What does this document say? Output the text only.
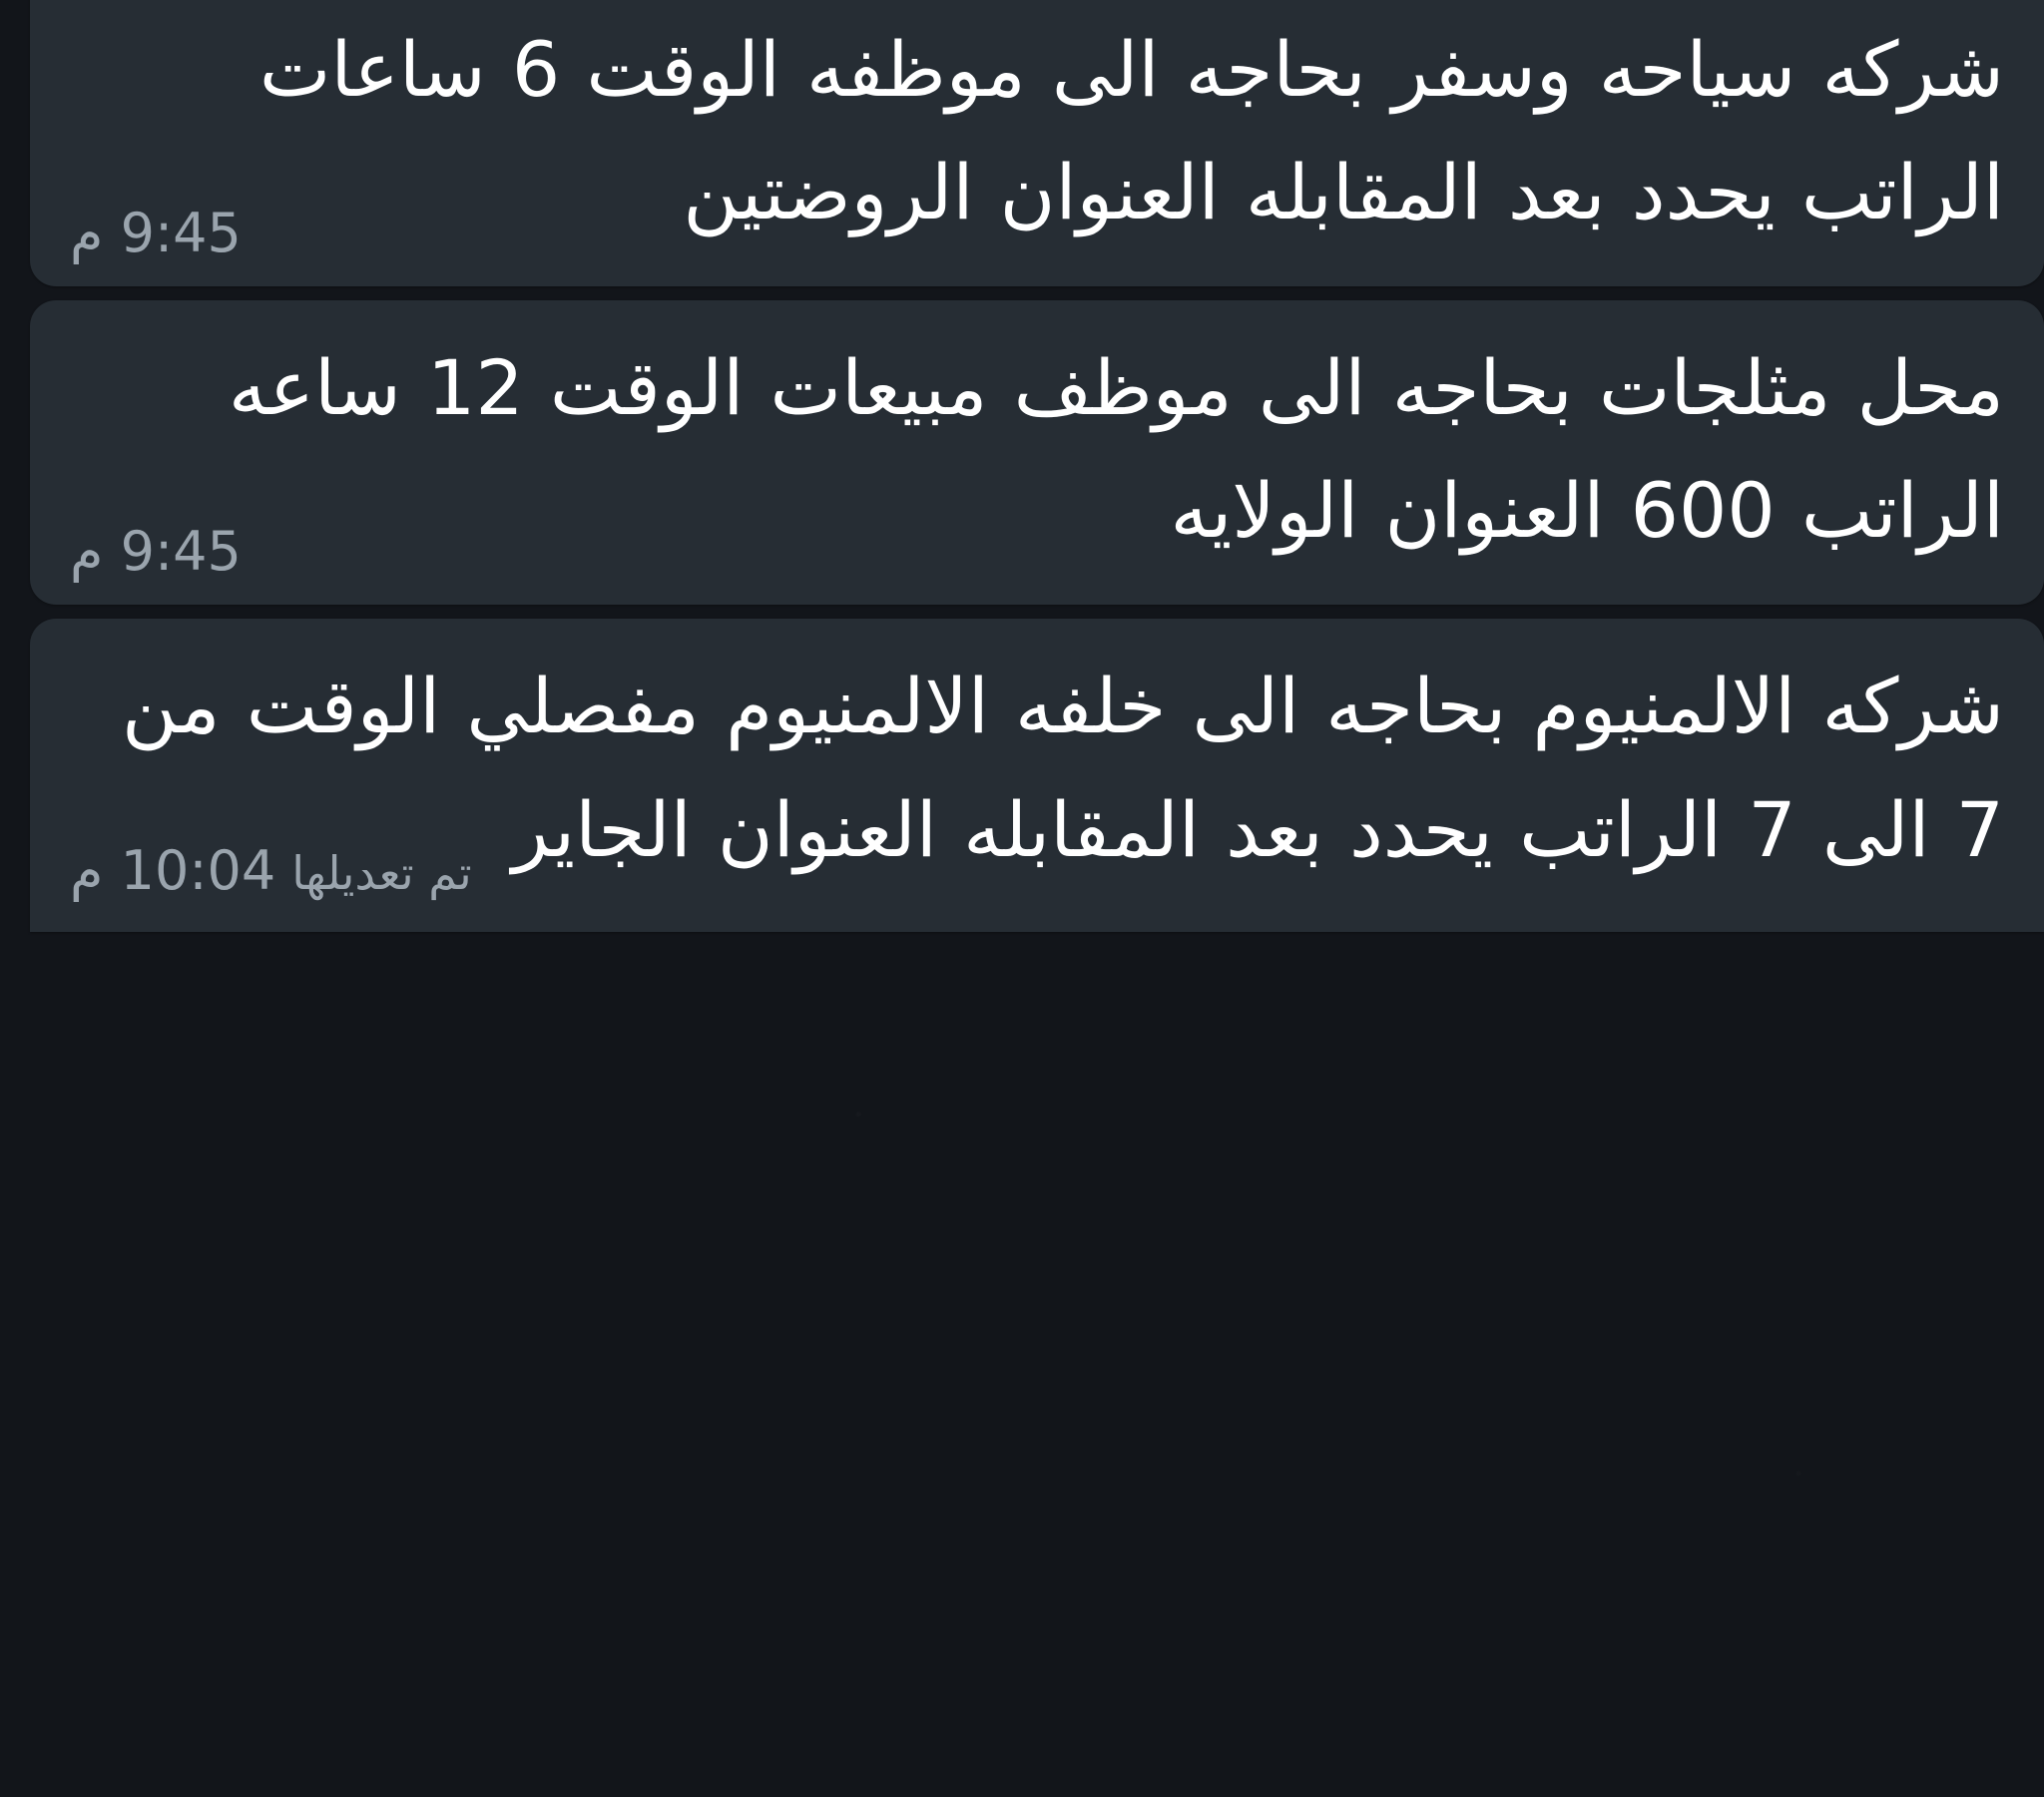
شركه سياحه وسفر بحاجه الى موظفه الوقت 6 ساعات الراتب يحدد بعد المقابله العنوان الروضتين

9:45 م

محل مثلجات بحاجه الى موظف مبيعات الوقت 12 ساعه الراتب 600 العنوان الولايه

9:45 م

شركه الالمنيوم بحاجه الى خلفه الالمنيوم مفصلي الوقت من 7 الى 7 الراتب يحدد بعد المقابله العنوان الجاير

10:04 م تم تعديلها
